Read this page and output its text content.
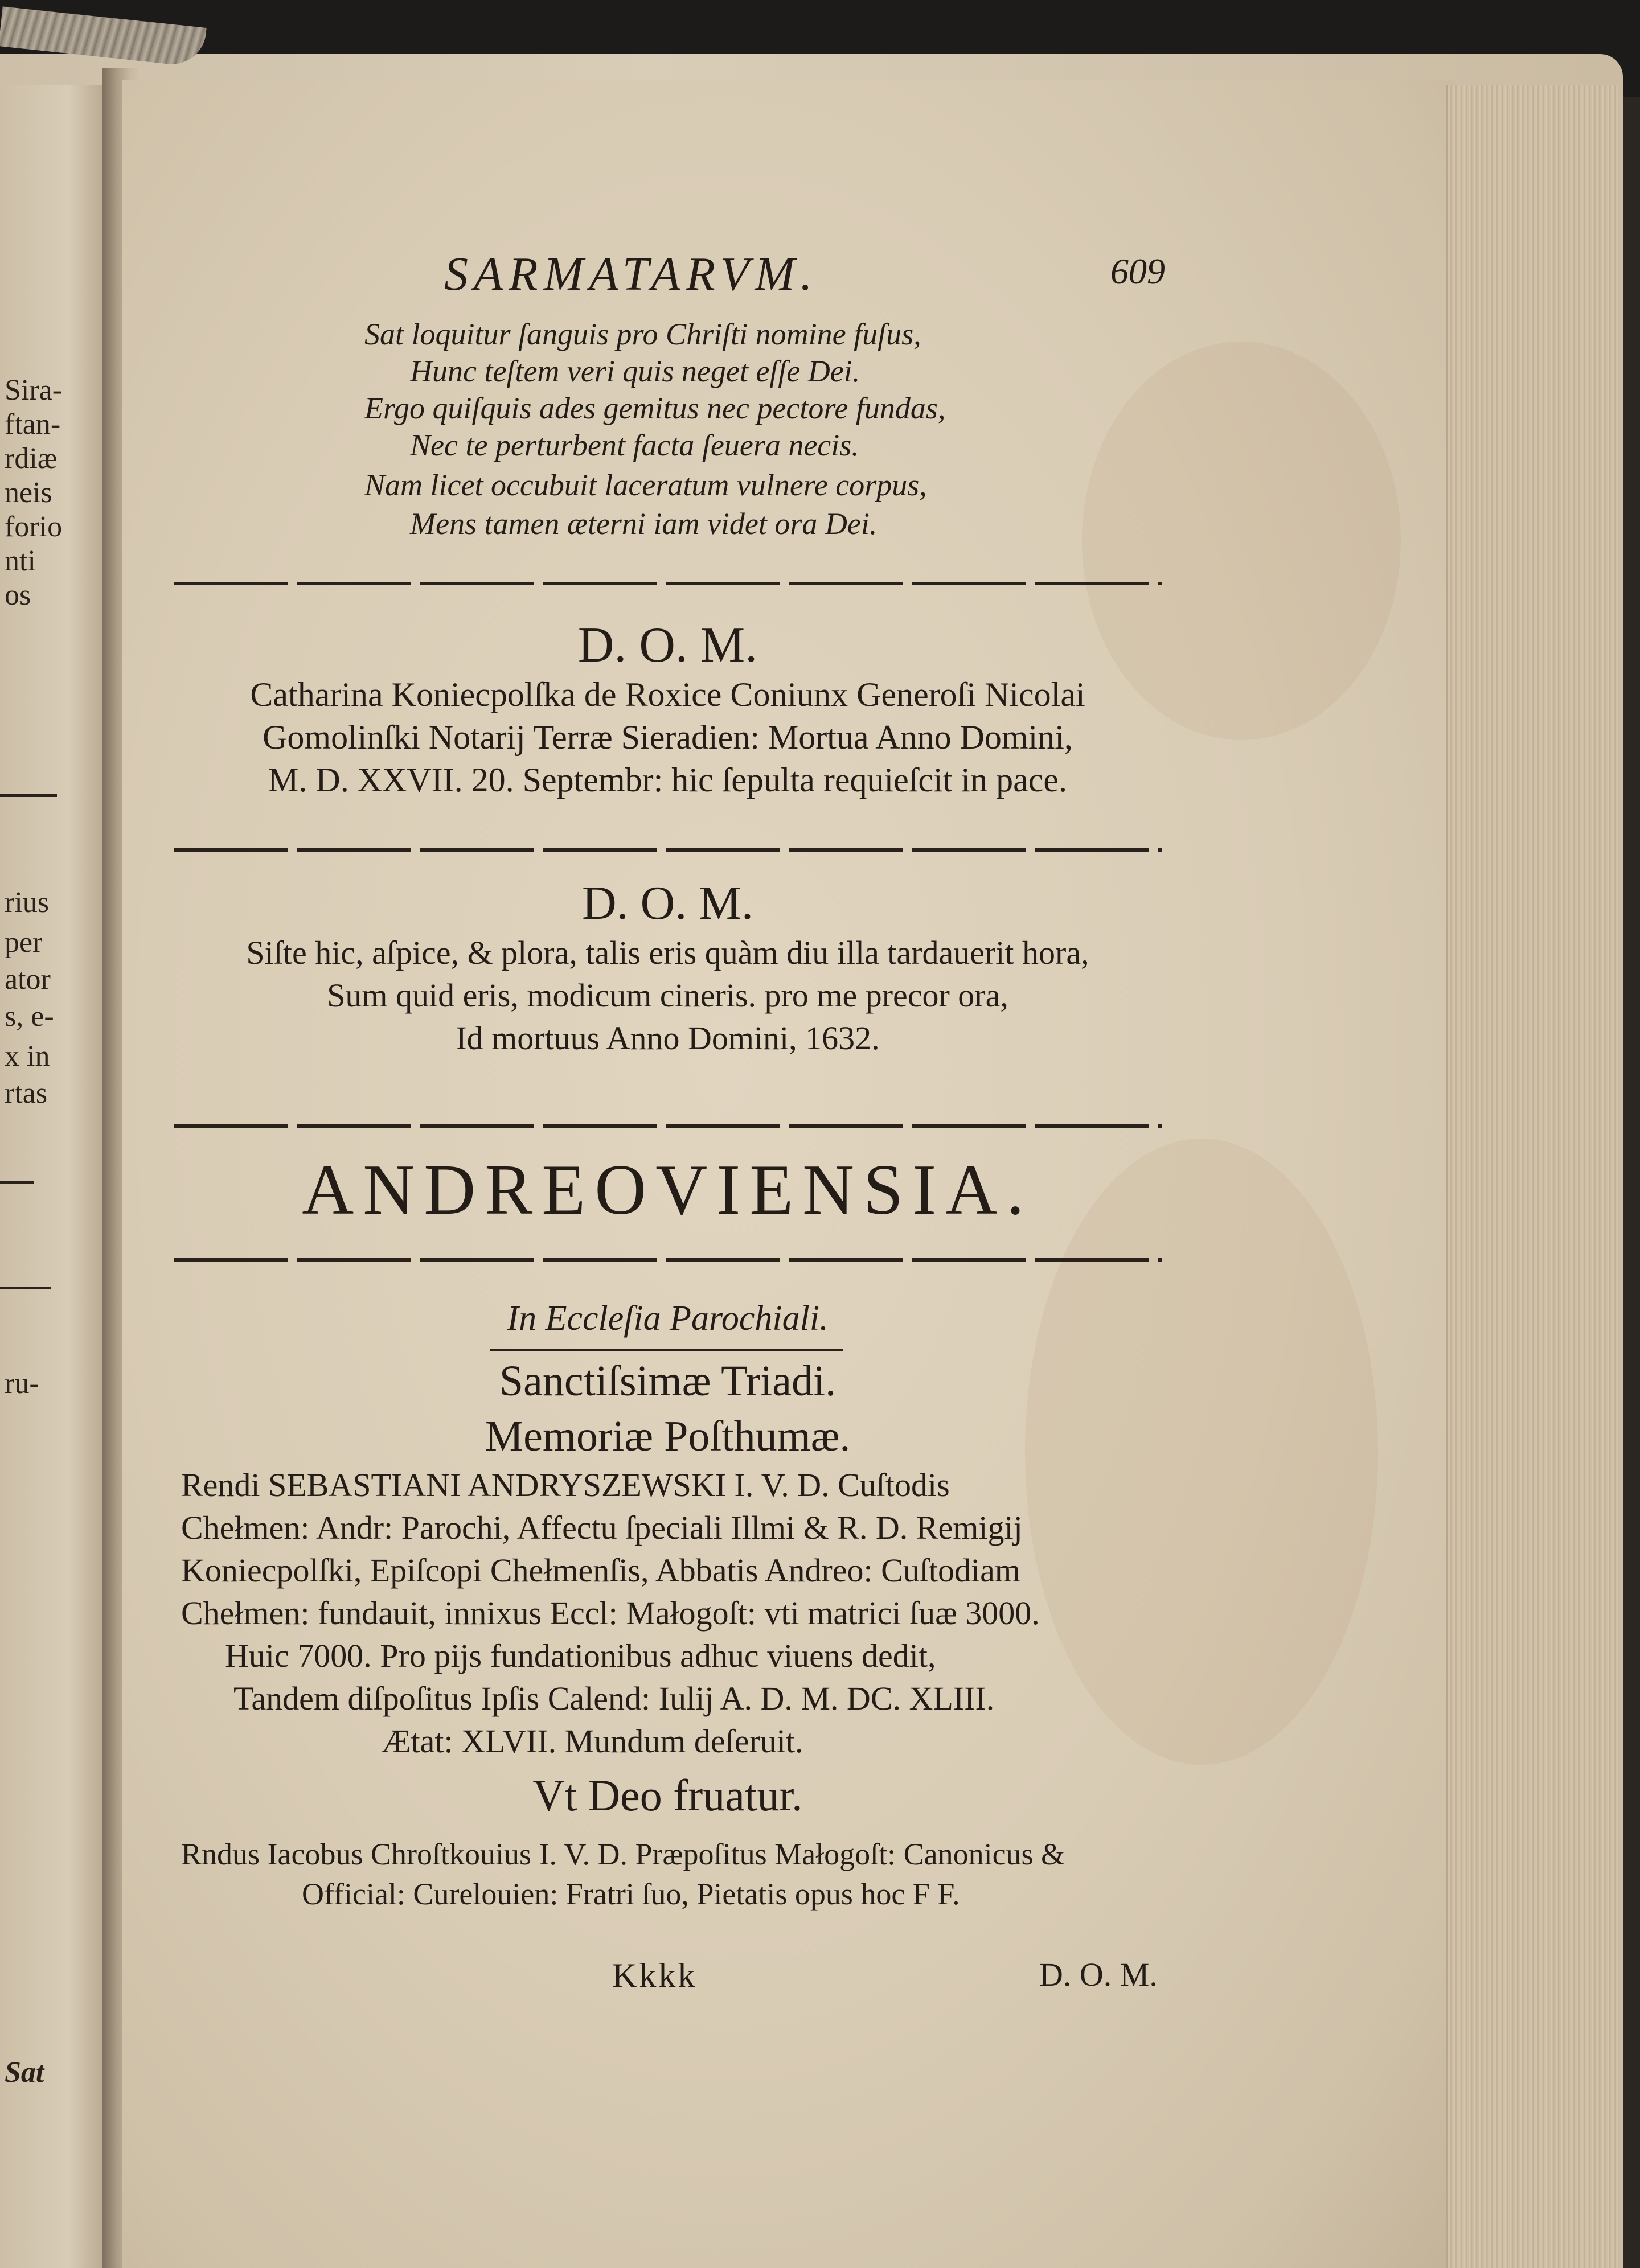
Sira-
ftan-
rdiæ
neis
forio
nti
os
rius
per
ator
s, e-
x in
rtas
ru-
Sat
SARMATARVM.	609
Sat loquitur ſanguis pro Chriſti nomine fuſus,
Hunc teſtem veri quis neget eſſe Dei.
Ergo quiſquis ades gemitus nec pectore fundas,
Nec te perturbent facta ſeuera necis.
Nam licet occubuit laceratum vulnere corpus,
Mens tamen æterni iam videt ora Dei.
D. O. M.
Catharina Koniecpolſka de Roxice Coniunx Generoſi Nicolai
Gomolinſki Notarij Terræ Sieradien: Mortua Anno Domini,
M. D. XXVII. 20. Septembr: hic ſepulta requieſcit in pace.
D. O. M.
Siſte hic, aſpice, & plora, talis eris quàm diu illa tardauerit hora,
Sum quid eris, modicum cineris. pro me precor ora,
Id mortuus Anno Domini, 1632.
ANDREOVIENSIA.
In Eccleſia Parochiali.
Sanctiſsimæ Triadi.
Memoriæ Poſthumæ.
Rendi SEBASTIANI ANDRYSZEWSKI I. V. D. Cuſtodis
Chełmen: Andr: Parochi, Affectu ſpeciali Illmi & R. D. Remigij
Koniecpolſki, Epiſcopi Chełmenſis, Abbatis Andreo: Cuſtodiam
Chełmen: fundauit, innixus Eccl: Małogoſt: vti matrici ſuæ 3000.
Huic 7000. Pro pijs fundationibus adhuc viuens dedit,
Tandem diſpoſitus Ipſis Calend: Iulij A. D. M. DC. XLIII.
Ætat: XLVII. Mundum deſeruit.
Vt Deo fruatur.
Rndus Iacobus Chroſtkouius I. V. D. Præpoſitus Małogoſt: Canonicus &
Official: Curelouien: Fratri ſuo, Pietatis opus hoc F F.
Kkkk	D. O. M.
